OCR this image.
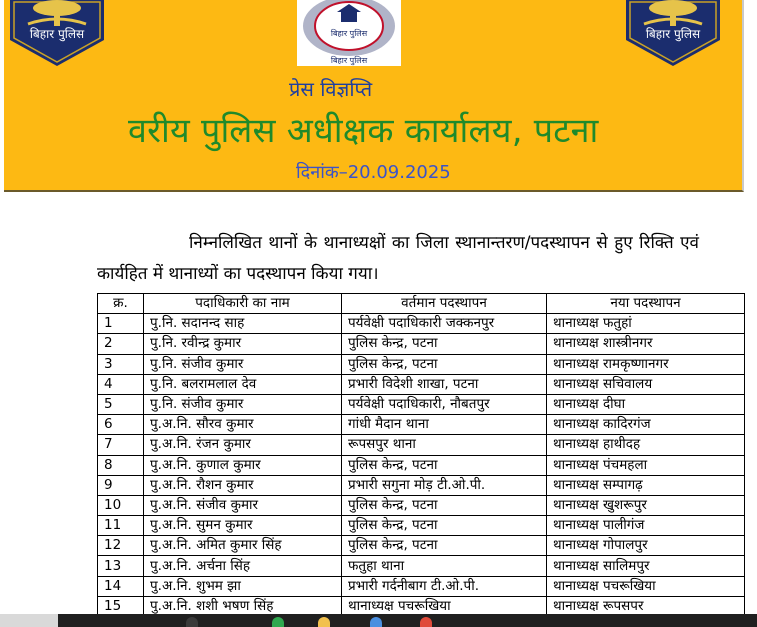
बिहार पुलिस	बिहार पुलिस
बिहार पुलिस
बिहार पुलिस
प्रेस विज्ञप्ति
वरीय पुलिस अधीक्षक कार्यालय, पटना
दिनांक–20.09.2025
निम्नलिखित थानों के थानाध्यक्षों का जिला स्थानान्तरण/पदस्थापन से हुए रिक्ति एवं कार्यहित में थानाध्यों का पदस्थापन किया गया।
क्र.	पदाधिकारी का नाम	वर्तमान पदस्थापन	नया पदस्थापन
1	पु.नि. सदानन्द साह	पर्यवेक्षी पदाधिकारी जक्कनपुर	थानाध्यक्ष फतुहां
2	पु.नि. रवीन्द्र कुमार	पुलिस केन्द्र, पटना	थानाध्यक्ष शास्त्रीनगर
3	पु.नि. संजीव कुमार	पुलिस केन्द्र, पटना	थानाध्यक्ष रामकृष्णानगर
4	पु.नि. बलरामलाल देव	प्रभारी विदेशी शाखा, पटना	थानाध्यक्ष सचिवालय
5	पु.नि. संजीव कुमार	पर्यवेक्षी पदाधिकारी, नौबतपुर	थानाध्यक्ष दीघा
6	पु.अ.नि. सौरव कुमार	गांधी मैदान थाना	थानाध्यक्ष कादिरगंज
7	पु.अ.नि. रंजन कुमार	रूपसपुर थाना	थानाध्यक्ष हाथीदह
8	पु.अ.नि. कुणाल कुमार	पुलिस केन्द्र, पटना	थानाध्यक्ष पंचमहला
9	पु.अ.नि. रौशन कुमार	प्रभारी सगुना मोड़ टी.ओ.पी.	थानाध्यक्ष सम्पागढ़
10	पु.अ.नि. संजीव कुमार	पुलिस केन्द्र, पटना	थानाध्यक्ष खुशरूपुर
11	पु.अ.नि. सुमन कुमार	पुलिस केन्द्र, पटना	थानाध्यक्ष पालीगंज
12	पु.अ.नि. अमित कुमार सिंह	पुलिस केन्द्र, पटना	थानाध्यक्ष गोपालपुर
13	पु.अ.नि. अर्चना सिंह	फतुहा थाना	थानाध्यक्ष सालिमपुर
14	पु.अ.नि. शुभम झा	प्रभारी गर्दनीबाग टी.ओ.पी.	थानाध्यक्ष पचरूखिया
15	पु.अ.नि. शशी भषण सिंह	थानाध्यक्ष पचरूखिया	थानाध्यक्ष रूपसपर
